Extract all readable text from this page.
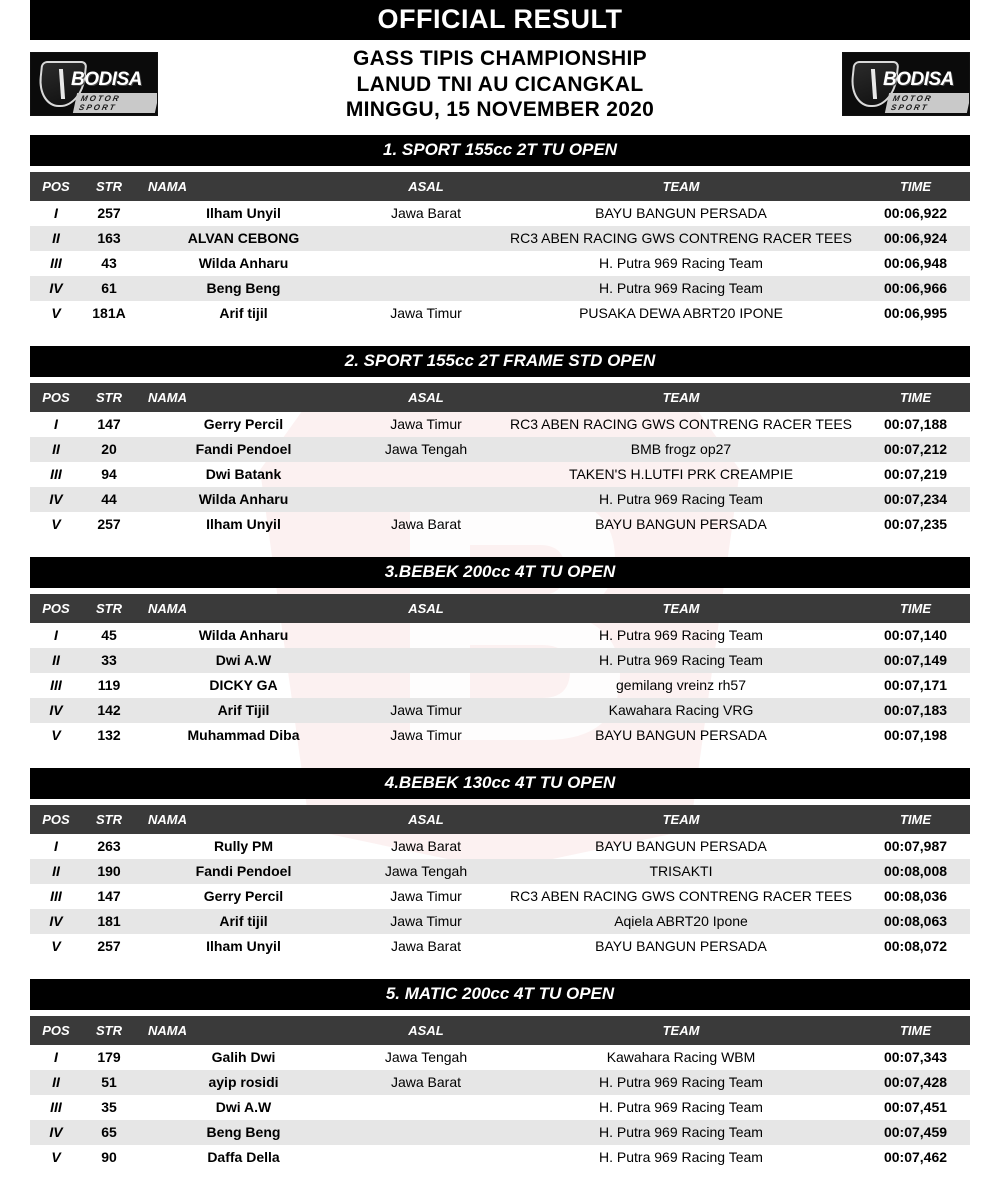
OFFICIAL RESULT
BODISA
MOTOR SPORT
GASS TIPIS CHAMPIONSHIP
LANUD TNI AU CICANGKAL
MINGGU, 15 NOVEMBER 2020
BODISA
MOTOR SPORT
1. SPORT 155cc 2T TU OPEN
POS	STR	NAMA	ASAL	TEAM	TIME
I	257	Ilham Unyil	Jawa Barat	BAYU BANGUN PERSADA	00:06,922
II	163	ALVAN CEBONG		RC3 ABEN RACING GWS CONTRENG RACER TEES	00:06,924
III	43	Wilda Anharu		H. Putra 969 Racing Team	00:06,948
IV	61	Beng Beng		H. Putra 969 Racing Team	00:06,966
V	181A	Arif tijil	Jawa Timur	PUSAKA DEWA ABRT20 IPONE	00:06,995
2. SPORT 155cc 2T FRAME STD OPEN
POS	STR	NAMA	ASAL	TEAM	TIME
I	147	Gerry Percil	Jawa Timur	RC3 ABEN RACING GWS CONTRENG RACER TEES	00:07,188
II	20	Fandi Pendoel	Jawa Tengah	BMB frogz op27	00:07,212
III	94	Dwi Batank		TAKEN'S H.LUTFI PRK CREAMPIE	00:07,219
IV	44	Wilda Anharu		H. Putra 969 Racing Team	00:07,234
V	257	Ilham Unyil	Jawa Barat	BAYU BANGUN PERSADA	00:07,235
3.BEBEK 200cc 4T TU OPEN
POS	STR	NAMA	ASAL	TEAM	TIME
I	45	Wilda Anharu		H. Putra 969 Racing Team	00:07,140
II	33	Dwi A.W		H. Putra 969 Racing Team	00:07,149
III	119	DICKY GA		gemilang vreinz rh57	00:07,171
IV	142	Arif Tijil	Jawa Timur	Kawahara Racing VRG	00:07,183
V	132	Muhammad Diba	Jawa Timur	BAYU BANGUN PERSADA	00:07,198
4.BEBEK 130cc 4T TU OPEN
POS	STR	NAMA	ASAL	TEAM	TIME
I	263	Rully PM	Jawa Barat	BAYU BANGUN PERSADA	00:07,987
II	190	Fandi Pendoel	Jawa Tengah	TRISAKTI	00:08,008
III	147	Gerry Percil	Jawa Timur	RC3 ABEN RACING GWS CONTRENG RACER TEES	00:08,036
IV	181	Arif tijil	Jawa Timur	Aqiela ABRT20 Ipone	00:08,063
V	257	Ilham Unyil	Jawa Barat	BAYU BANGUN PERSADA	00:08,072
5. MATIC 200cc 4T TU OPEN
POS	STR	NAMA	ASAL	TEAM	TIME
I	179	Galih Dwi	Jawa Tengah	Kawahara Racing WBM	00:07,343
II	51	ayip rosidi	Jawa Barat	H. Putra 969 Racing Team	00:07,428
III	35	Dwi A.W		H. Putra 969 Racing Team	00:07,451
IV	65	Beng Beng		H. Putra 969 Racing Team	00:07,459
V	90	Daffa Della		H. Putra 969 Racing Team	00:07,462
